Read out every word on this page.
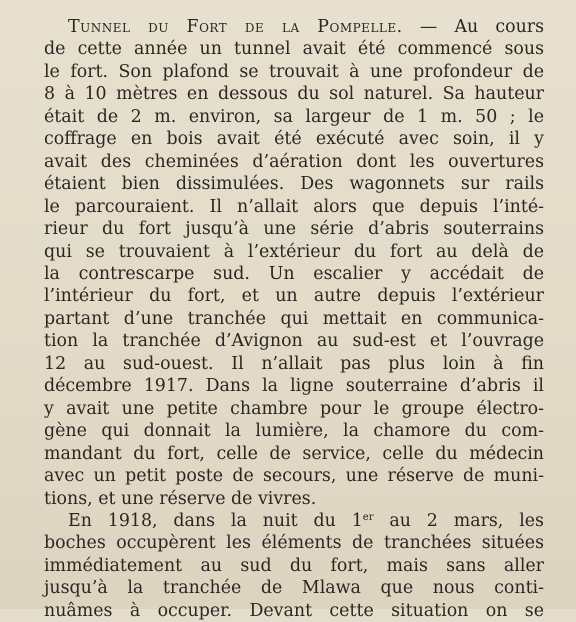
Tunnel du Fort de la Pompelle. — Au cours
de cette année un tunnel avait été commencé sous
le fort. Son plafond se trouvait à une profondeur de
8 à 10 mètres en dessous du sol naturel. Sa hauteur
était de 2 m. environ, sa largeur de 1 m. 50 ; le
coffrage en bois avait été exécuté avec soin, il y
avait des cheminées d’aération dont les ouvertures
étaient bien dissimulées. Des wagonnets sur rails
le parcouraient. Il n’allait alors que depuis l’inté-
rieur du fort jusqu’à une série d’abris souterrains
qui se trouvaient à l’extérieur du fort au delà de
la contrescarpe sud. Un escalier y accédait de
l’intérieur du fort, et un autre depuis l’extérieur
partant d’une tranchée qui mettait en communica-
tion la tranchée d’Avignon au sud-est et l’ouvrage
12 au sud-ouest. Il n’allait pas plus loin à fin
décembre 1917. Dans la ligne souterraine d’abris il
y avait une petite chambre pour le groupe électro-
gène qui donnait la lumière, la chamore du com-
mandant du fort, celle de service, celle du médecin
avec un petit poste de secours, une réserve de muni-
tions, et une réserve de vivres.
En 1918, dans la nuit du 1er au 2 mars, les
boches occupèrent les éléments de tranchées situées
immédiatement au sud du fort, mais sans aller
jusqu’à la tranchée de Mlawa que nous conti-
nuâmes à occuper. Devant cette situation on se
